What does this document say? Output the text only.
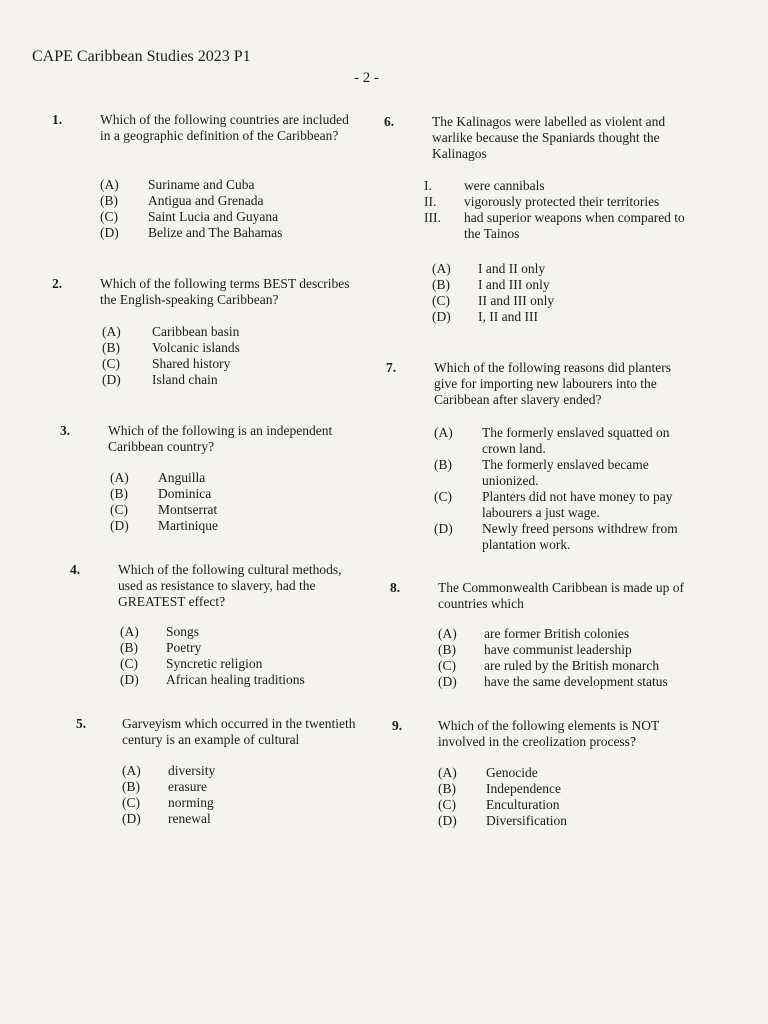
CAPE Caribbean Studies 2023 P1
- 2 -
1.	Which of the following countries are included in a geographic definition of the Caribbean?
(A) Suriname and Cuba
(B) Antigua and Grenada
(C) Saint Lucia and Guyana
(D) Belize and The Bahamas
2.	Which of the following terms BEST describes the English-speaking Caribbean?
(A) Caribbean basin
(B) Volcanic islands
(C) Shared history
(D) Island chain
3.	Which of the following is an independent Caribbean country?
(A) Anguilla
(B) Dominica
(C) Montserrat
(D) Martinique
4.	Which of the following cultural methods, used as resistance to slavery, had the GREATEST effect?
(A) Songs
(B) Poetry
(C) Syncretic religion
(D) African healing traditions
5.	Garveyism which occurred in the twentieth century is an example of cultural
(A) diversity
(B) erasure
(C) norming
(D) renewal
6.	The Kalinagos were labelled as violent and warlike because the Spaniards thought the Kalinagos
I. were cannibals
II. vigorously protected their territories
III. had superior weapons when compared to the Tainos
(A) I and II only
(B) I and III only
(C) II and III only
(D) I, II and III
7.	Which of the following reasons did planters give for importing new labourers into the Caribbean after slavery ended?
(A) The formerly enslaved squatted on crown land.
(B) The formerly enslaved became unionized.
(C) Planters did not have money to pay labourers a just wage.
(D) Newly freed persons withdrew from plantation work.
8.	The Commonwealth Caribbean is made up of countries which
(A) are former British colonies
(B) have communist leadership
(C) are ruled by the British monarch
(D) have the same development status
9.	Which of the following elements is NOT involved in the creolization process?
(A) Genocide
(B) Independence
(C) Enculturation
(D) Diversification
